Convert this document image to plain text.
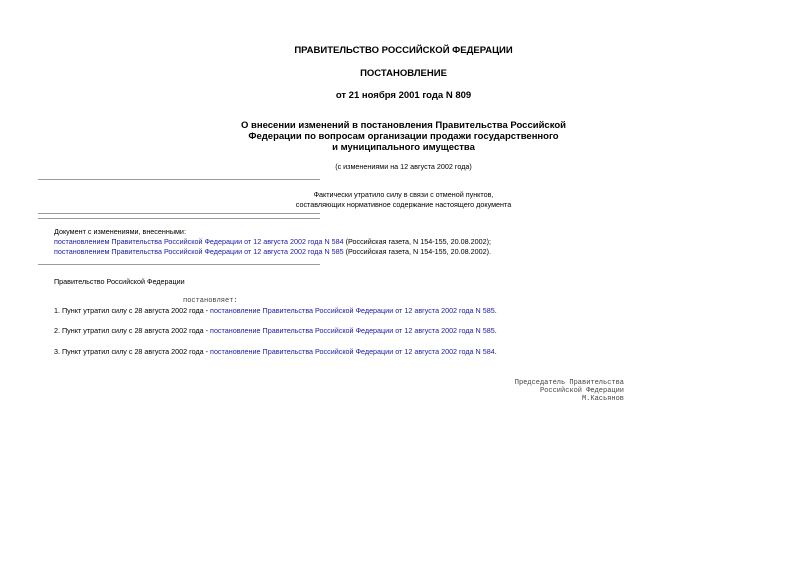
ПРАВИТЕЛЬСТВО РОССИЙСКОЙ ФЕДЕРАЦИИ
ПОСТАНОВЛЕНИЕ
от 21 ноября 2001 года N 809
О внесении изменений в постановления Правительства Российской
Федерации по вопросам организации продажи государственного
и муниципального имущества
(с изменениями на 12 августа 2002 года)
Фактически утратило силу в связи с отменой пунктов,
составляющих нормативное содержание настоящего документа
Документ с изменениями, внесенными:
постановлением Правительства Российской Федерации от 12 августа 2002 года N 584 (Российская газета, N 154-155, 20.08.2002);
постановлением Правительства Российской Федерации от 12 августа 2002 года N 585 (Российская газета, N 154-155, 20.08.2002).
Правительство Российской Федерации
постановляет:
1. Пункт утратил силу с 28 августа 2002 года - постановление Правительства Российской Федерации от 12 августа 2002 года N 585.
2. Пункт утратил силу с 28 августа 2002 года - постановление Правительства Российской Федерации от 12 августа 2002 года N 585.
3. Пункт утратил силу с 28 августа 2002 года - постановление Правительства Российской Федерации от 12 августа 2002 года N 584.
Председатель Правительства
Российской Федерации
М.Касьянов
